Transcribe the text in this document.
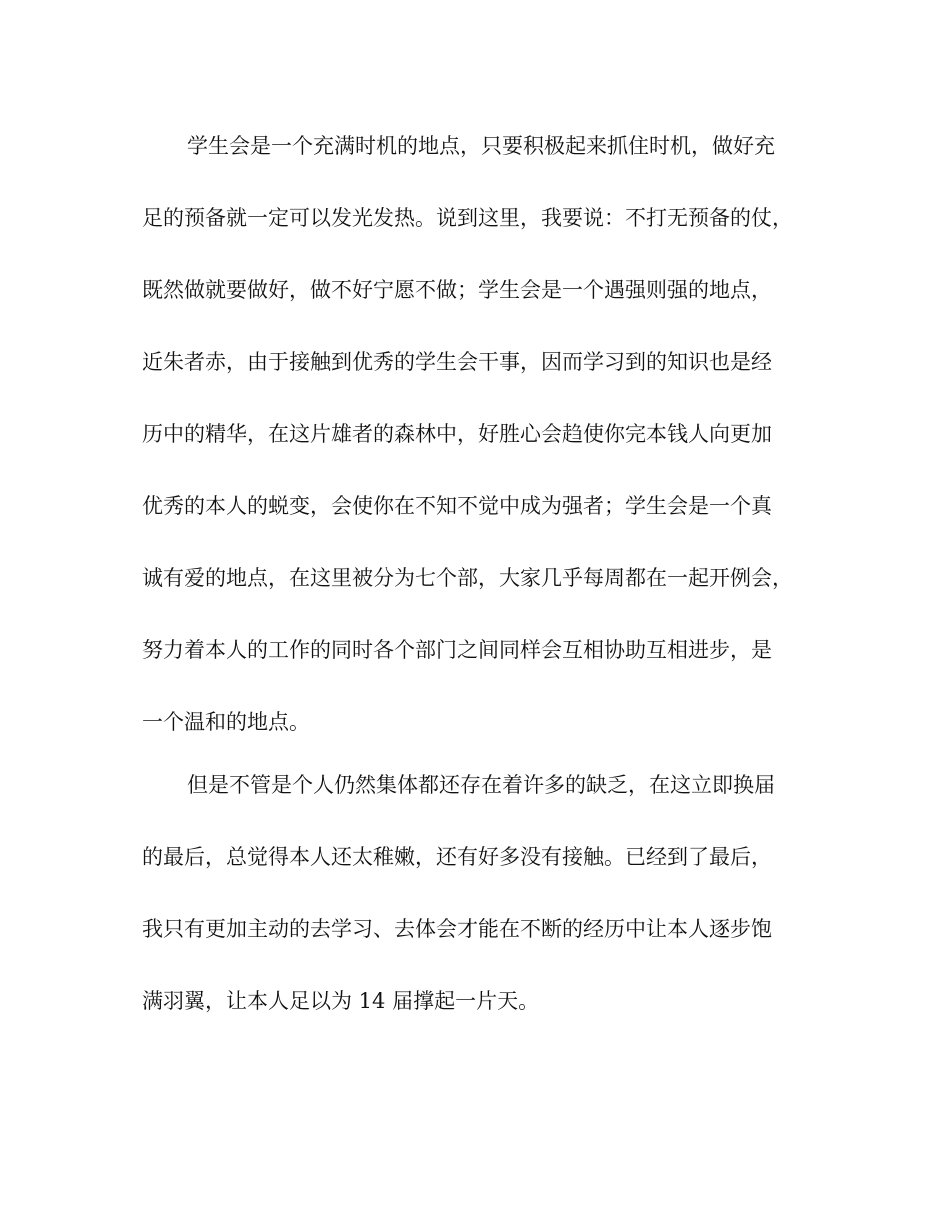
学生会是一个充满时机的地点，只要积极起来抓住时机，做好充

足的预备就一定可以发光发热。说到这里，我要说：不打无预备的仗，

既然做就要做好，做不好宁愿不做；学生会是一个遇强则强的地点，

近朱者赤，由于接触到优秀的学生会干事，因而学习到的知识也是经

历中的精华，在这片雄者的森林中，好胜心会趋使你完本钱人向更加

优秀的本人的蜕变，会使你在不知不觉中成为强者；学生会是一个真

诚有爱的地点，在这里被分为七个部，大家几乎每周都在一起开例会，

努力着本人的工作的同时各个部门之间同样会互相协助互相进步，是

一个温和的地点。

但是不管是个人仍然集体都还存在着许多的缺乏，在这立即换届

的最后，总觉得本人还太稚嫩，还有好多没有接触。已经到了最后，

我只有更加主动的去学习、去体会才能在不断的经历中让本人逐步饱

满羽翼，让本人足以为 14 届撑起一片天。
